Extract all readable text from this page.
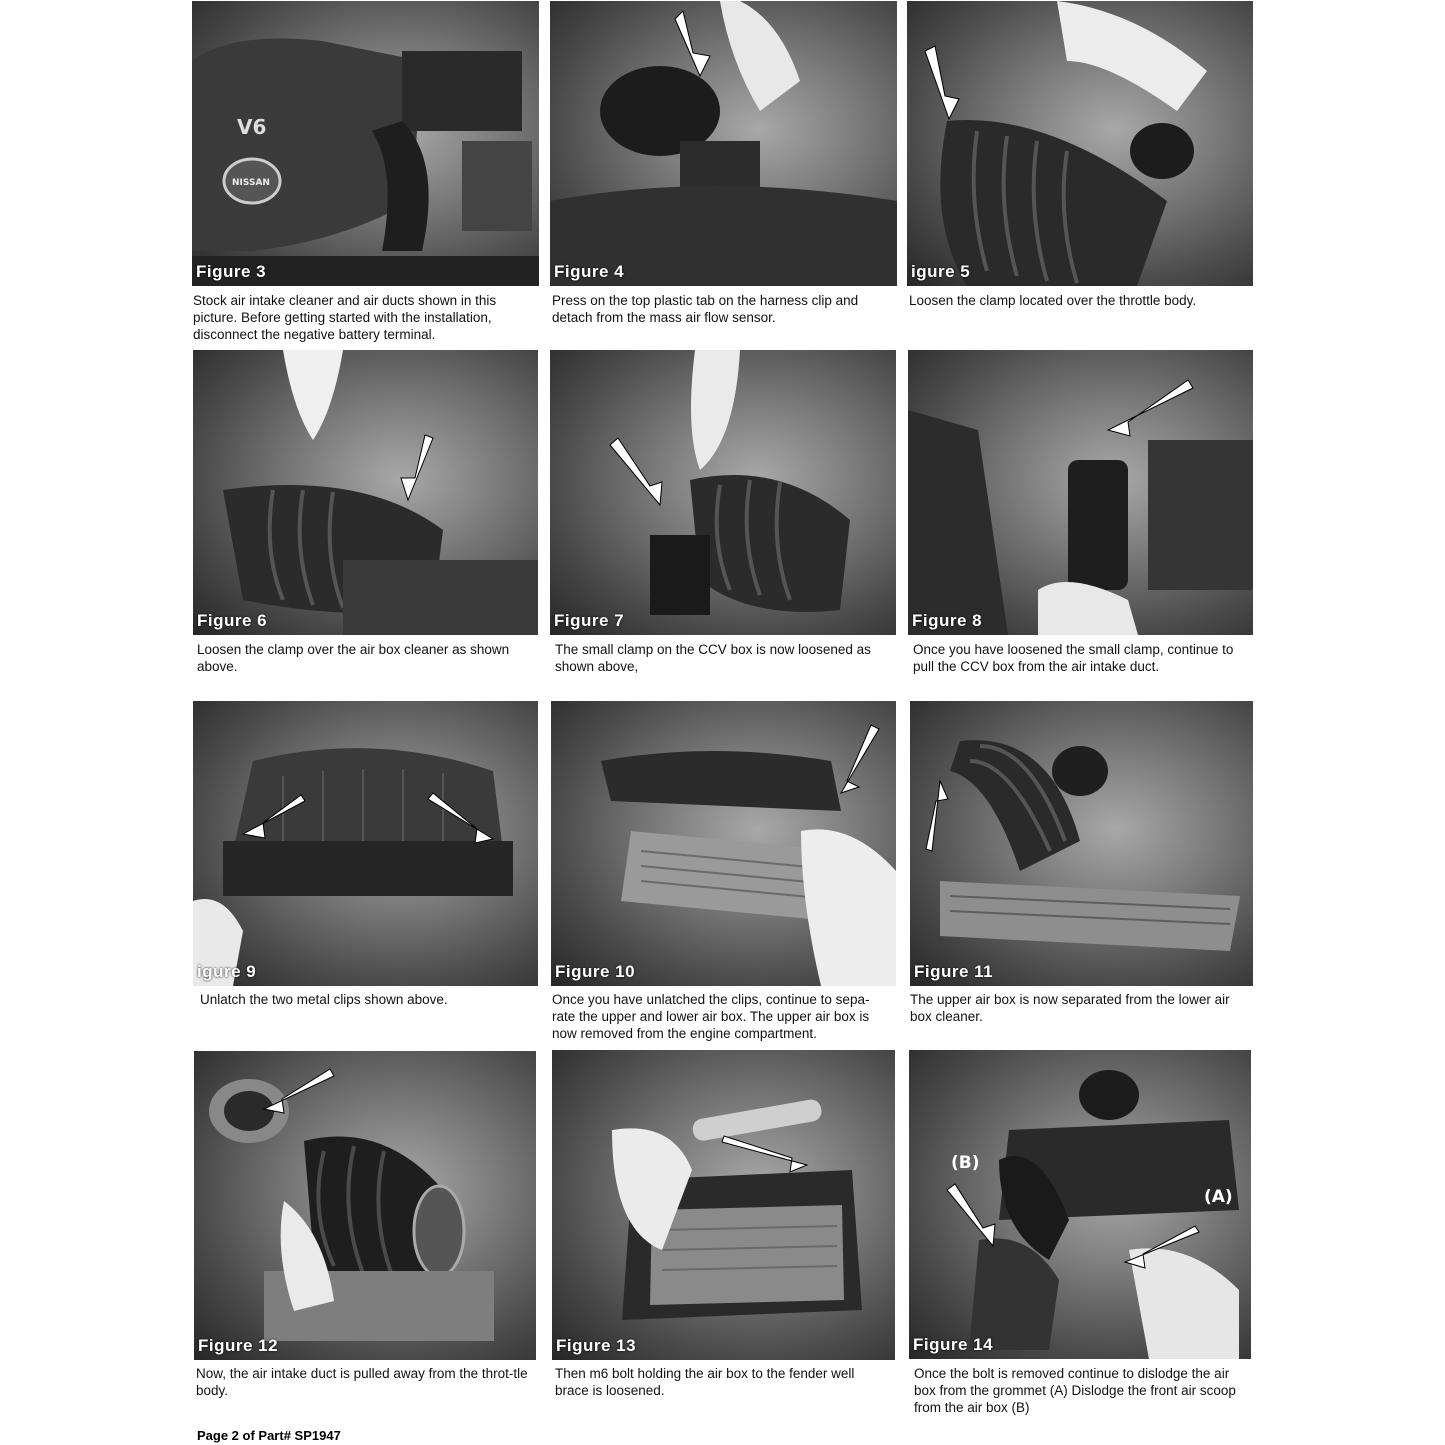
V6
NISSAN
Figure 3
Stock air intake cleaner and air ducts shown in this picture. Before getting started with the installation, disconnect the negative battery terminal.
Figure 4
Press on the top plastic tab on the harness clip and detach from the mass air flow sensor.
igure 5
Loosen the clamp located over the throttle body.
Figure 6
Loosen the clamp over the air box cleaner as shown above.
Figure 7
The small clamp on the CCV box is now loosened as shown above,
Figure 8
Once you have loosened the small clamp, continue to pull the CCV box from the air intake duct.
igure 9
Unlatch the two metal clips shown above.
Figure 10
Once you have unlatched the clips, continue to sepa-rate the upper and lower air box. The upper air box is now removed from the engine compartment.
Figure 11
The upper air box is now separated from the lower air box cleaner.
Figure 12
Now, the air intake duct is pulled away from the throt-tle body.
Figure 13
Then m6 bolt holding the air box to the fender well brace is loosened.
(B)
(A)
Figure 14
Once the bolt is removed continue to dislodge the air box from the grommet (A) Dislodge the front air scoop from the air box (B)
Page 2 of Part# SP1947
